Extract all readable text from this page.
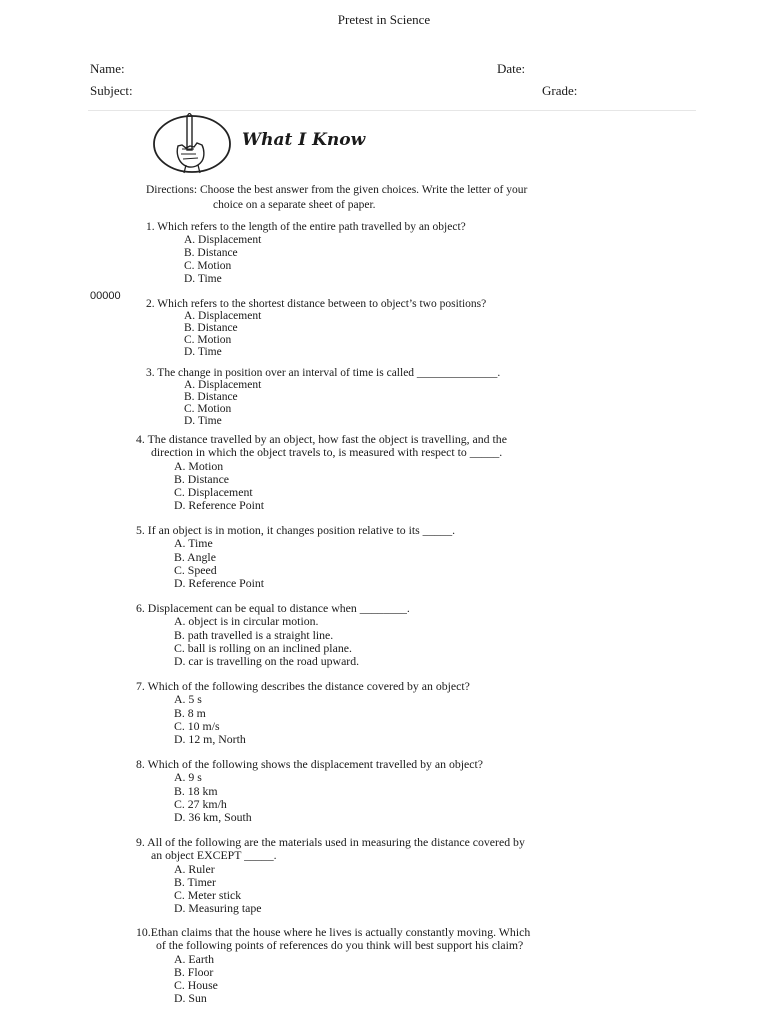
Pretest in Science
Name:	Date:
Subject:	Grade:
What I Know
Directions: Choose the best answer from the given choices. Write the letter of your
choice on a separate sheet of paper.
00000
1. Which refers to the length of the entire path travelled by an object?
A. Displacement
B. Distance
C. Motion
D. Time
2. Which refers to the shortest distance between to object’s two positions?
A. Displacement
B. Distance
C. Motion
D. Time
3. The change in position over an interval of time is called ______________.
A. Displacement
B. Distance
C. Motion
D. Time
4. The distance travelled by an object, how fast the object is travelling, and the
direction in which the object travels to, is measured with respect to _____.
A. Motion
B. Distance
C. Displacement
D. Reference Point
5. If an object is in motion, it changes position relative to its _____.
A. Time
B. Angle
C. Speed
D. Reference Point
6. Displacement can be equal to distance when ________.
A. object is in circular motion.
B. path travelled is a straight line.
C. ball is rolling on an inclined plane.
D. car is travelling on the road upward.
7. Which of the following describes the distance covered by an object?
A. 5 s
B. 8 m
C. 10 m/s
D. 12 m, North
8. Which of the following shows the displacement travelled by an object?
A. 9 s
B. 18 km
C. 27 km/h
D. 36 km, South
9. All of the following are the materials used in measuring the distance covered by
an object EXCEPT _____.
A. Ruler
B. Timer
C. Meter stick
D. Measuring tape
10.Ethan claims that the house where he lives is actually constantly moving. Which
of the following points of references do you think will best support his claim?
A. Earth
B. Floor
C. House
D. Sun
